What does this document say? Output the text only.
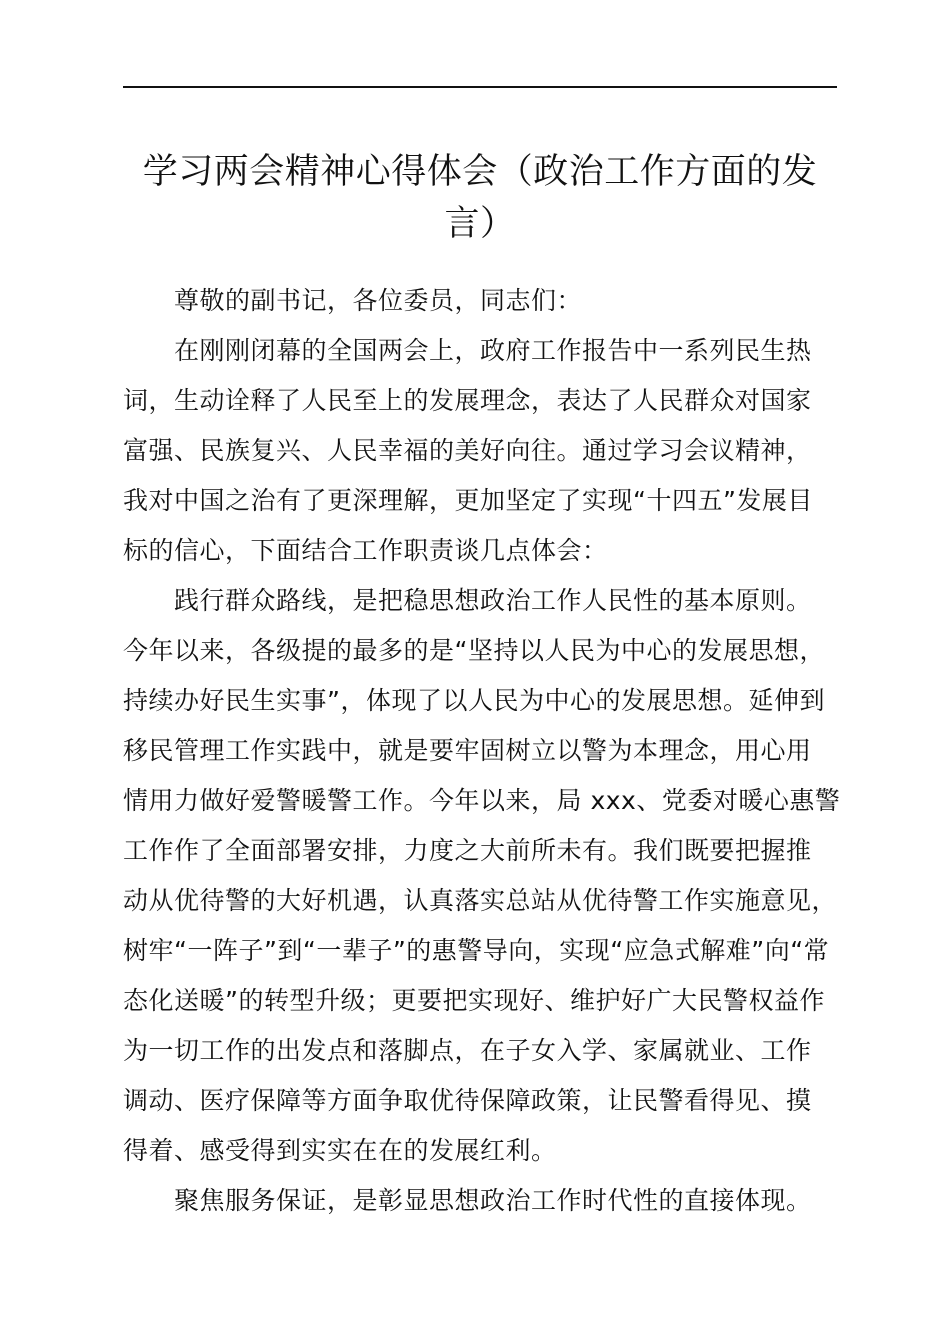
学习两会精神心得体会（政治工作方面的发
言）

尊敬的副书记，各位委员，同志们：

在刚刚闭幕的全国两会上，政府工作报告中一系列民生热
词，生动诠释了人民至上的发展理念，表达了人民群众对国家
富强、民族复兴、人民幸福的美好向往。通过学习会议精神，
我对中国之治有了更深理解，更加坚定了实现“十四五”发展目
标的信心，下面结合工作职责谈几点体会：

践行群众路线，是把稳思想政治工作人民性的基本原则。
今年以来，各级提的最多的是“坚持以人民为中心的发展思想，
持续办好民生实事”，体现了以人民为中心的发展思想。延伸到
移民管理工作实践中，就是要牢固树立以警为本理念，用心用
情用力做好爱警暖警工作。今年以来，局 xxx、党委对暖心惠警
工作作了全面部署安排，力度之大前所未有。我们既要把握推
动从优待警的大好机遇，认真落实总站从优待警工作实施意见，
树牢“一阵子”到“一辈子”的惠警导向，实现“应急式解难”向“常
态化送暖”的转型升级；更要把实现好、维护好广大民警权益作
为一切工作的出发点和落脚点，在子女入学、家属就业、工作
调动、医疗保障等方面争取优待保障政策，让民警看得见、摸
得着、感受得到实实在在的发展红利。

聚焦服务保证，是彰显思想政治工作时代性的直接体现。
